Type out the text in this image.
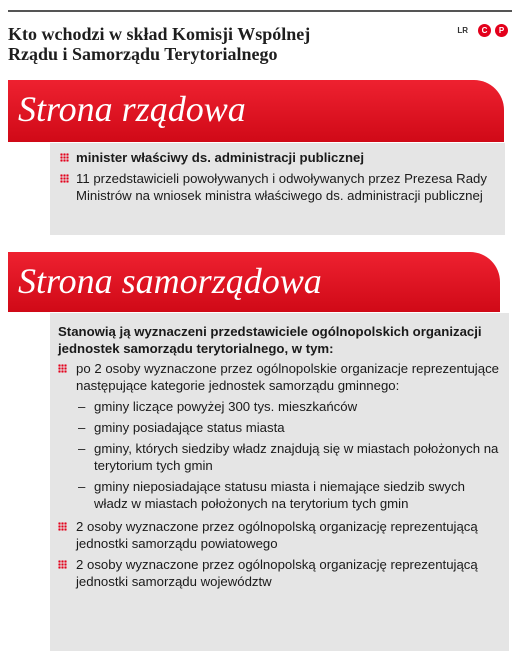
Kto wchodzi w skład Komisji Wspólnej
Rządu i Samorządu Terytorialnego
LR	C	P
Strona rządowa
minister właściwy ds. administracji publicznej
11 przedstawicieli powoływanych i odwoływanych przez Prezesa Rady Ministrów na wniosek ministra właściwego ds. administracji publicznej
Strona samorządowa
Stanowią ją wyznaczeni przedstawiciele ogólnopolskich organizacji jednostek samorządu terytorialnego, w tym:
po 2 osoby wyznaczone przez ogólnopolskie organizacje reprezentujące następujące kategorie jednostek samorządu gminnego:
– gminy liczące powyżej 300 tys. mieszkańców
– gminy posiadające status miasta
– gminy, których siedziby władz znajdują się w miastach położonych na terytorium tych gmin
– gminy nieposiadające statusu miasta i niemające siedzib swych władz w miastach położonych na terytorium tych gmin
2 osoby wyznaczone przez ogólnopolską organizację reprezentującą jednostki samorządu powiatowego
2 osoby wyznaczone przez ogólnopolską organizację reprezentującą jednostki samorządu województw
